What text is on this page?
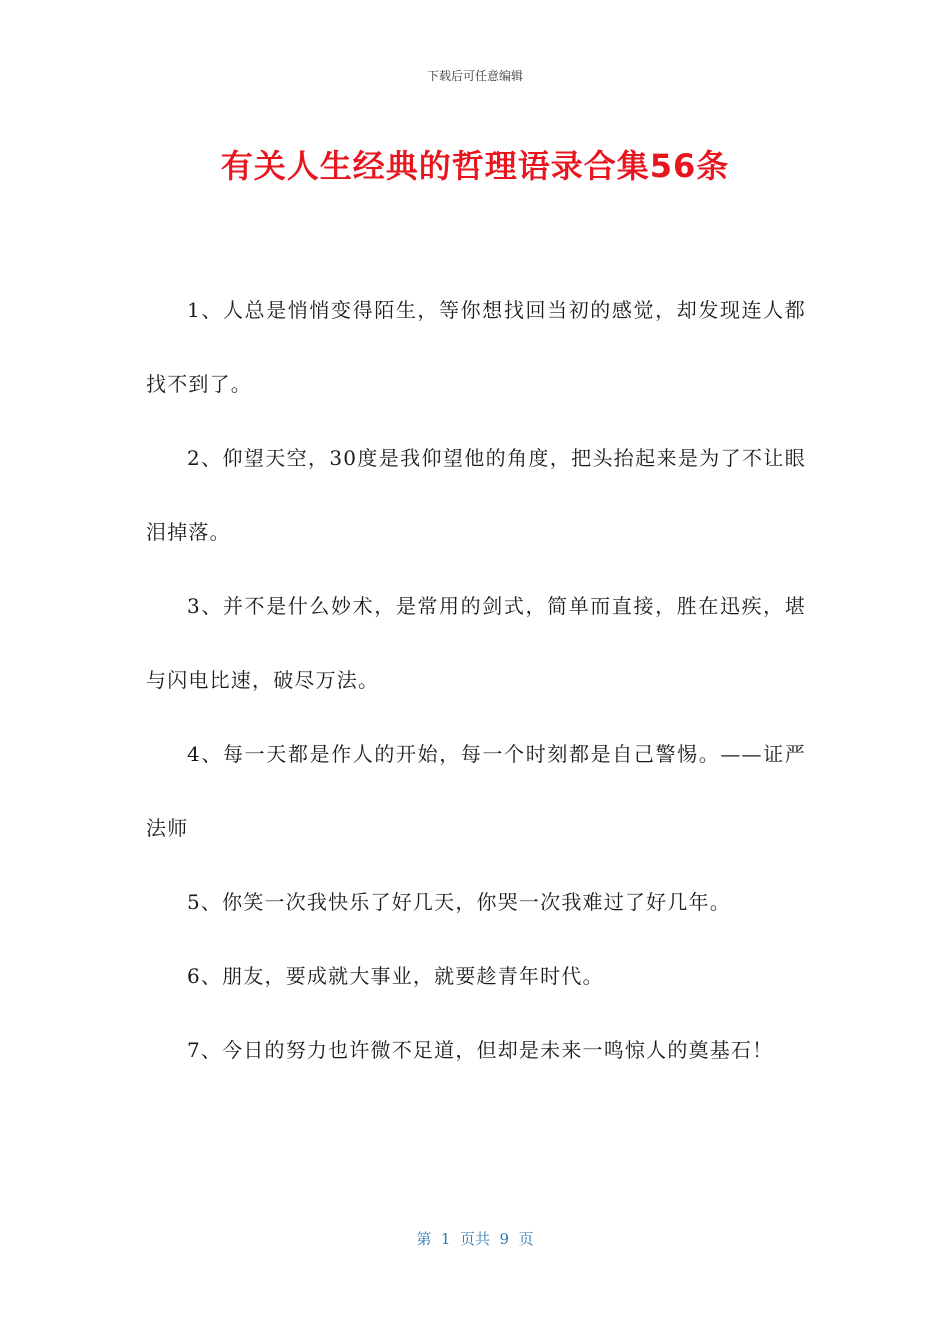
下载后可任意编辑
有关人生经典的哲理语录合集56条

1、人总是悄悄变得陌生，等你想找回当初的感觉，却发现连人都找不到了。

2、仰望天空，30度是我仰望他的角度，把头抬起来是为了不让眼泪掉落。

3、并不是什么妙术，是常用的剑式，简单而直接，胜在迅疾，堪与闪电比速，破尽万法。

4、每一天都是作人的开始，每一个时刻都是自己警惕。——证严法师

5、你笑一次我快乐了好几天，你哭一次我难过了好几年。

6、朋友，要成就大事业，就要趁青年时代。

7、今日的努力也许微不足道，但却是未来一鸣惊人的奠基石！

第  1  页共  9  页
